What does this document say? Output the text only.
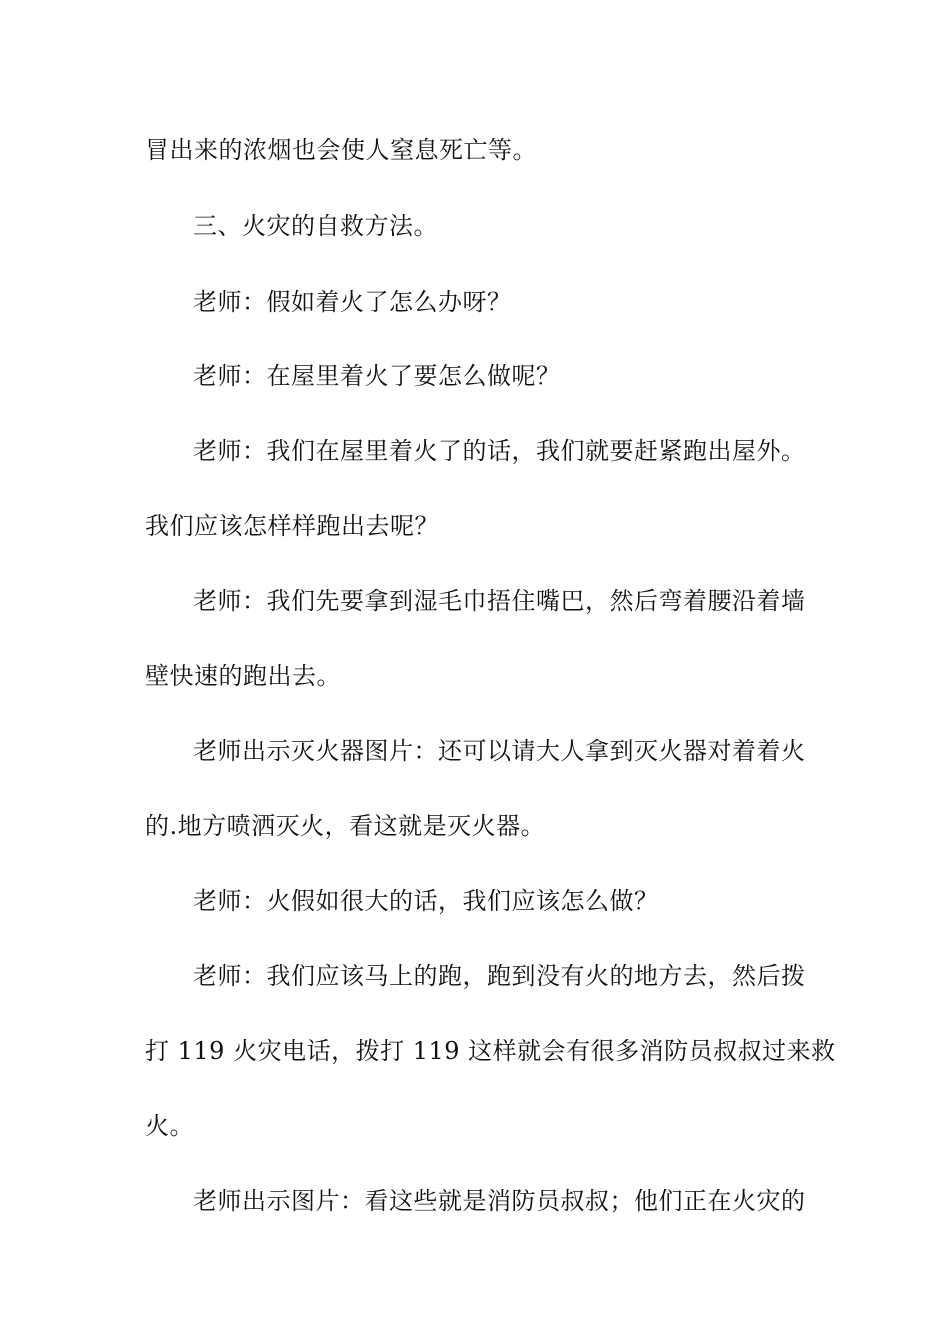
冒出来的浓烟也会使人窒息死亡等。
三、火灾的自救方法。
老师：假如着火了怎么办呀？
老师：在屋里着火了要怎么做呢？
老师：我们在屋里着火了的话，我们就要赶紧跑出屋外。
我们应该怎样样跑出去呢？
老师：我们先要拿到湿毛巾捂住嘴巴，然后弯着腰沿着墙
壁快速的跑出去。
老师出示灭火器图片：还可以请大人拿到灭火器对着着火
的.地方喷洒灭火，看这就是灭火器。
老师：火假如很大的话，我们应该怎么做？
老师：我们应该马上的跑，跑到没有火的地方去，然后拨
打 119 火灾电话，拨打 119 这样就会有很多消防员叔叔过来救
火。
老师出示图片：看这些就是消防员叔叔；他们正在火灾的
